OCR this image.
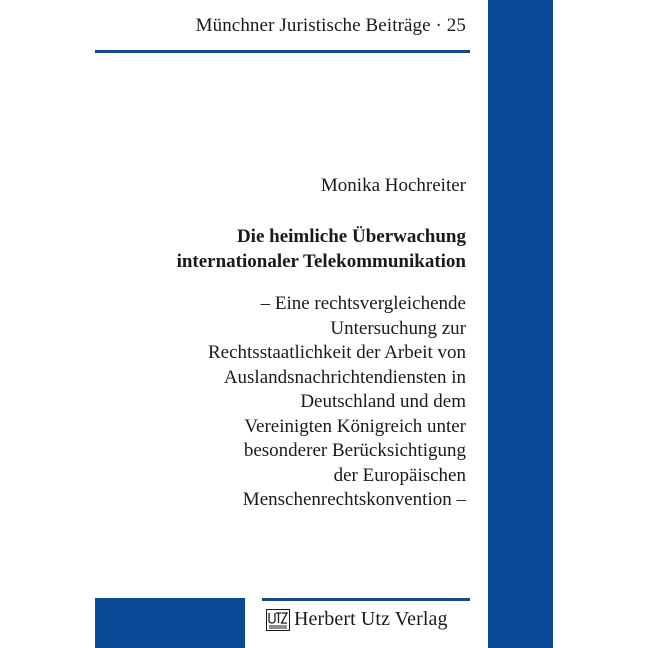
Münchner Juristische Beiträge · 25
Monika Hochreiter
Die heimliche Überwachung
internationaler Telekommunikation
– Eine rechtsvergleichende
Untersuchung zur
Rechtsstaatlichkeit der Arbeit von
Auslandsnachrichtendiensten in
Deutschland und dem
Vereinigten Königreich unter
besonderer Berücksichtigung
der Europäischen
Menschenrechtskonvention –
Herbert Utz Verlag
